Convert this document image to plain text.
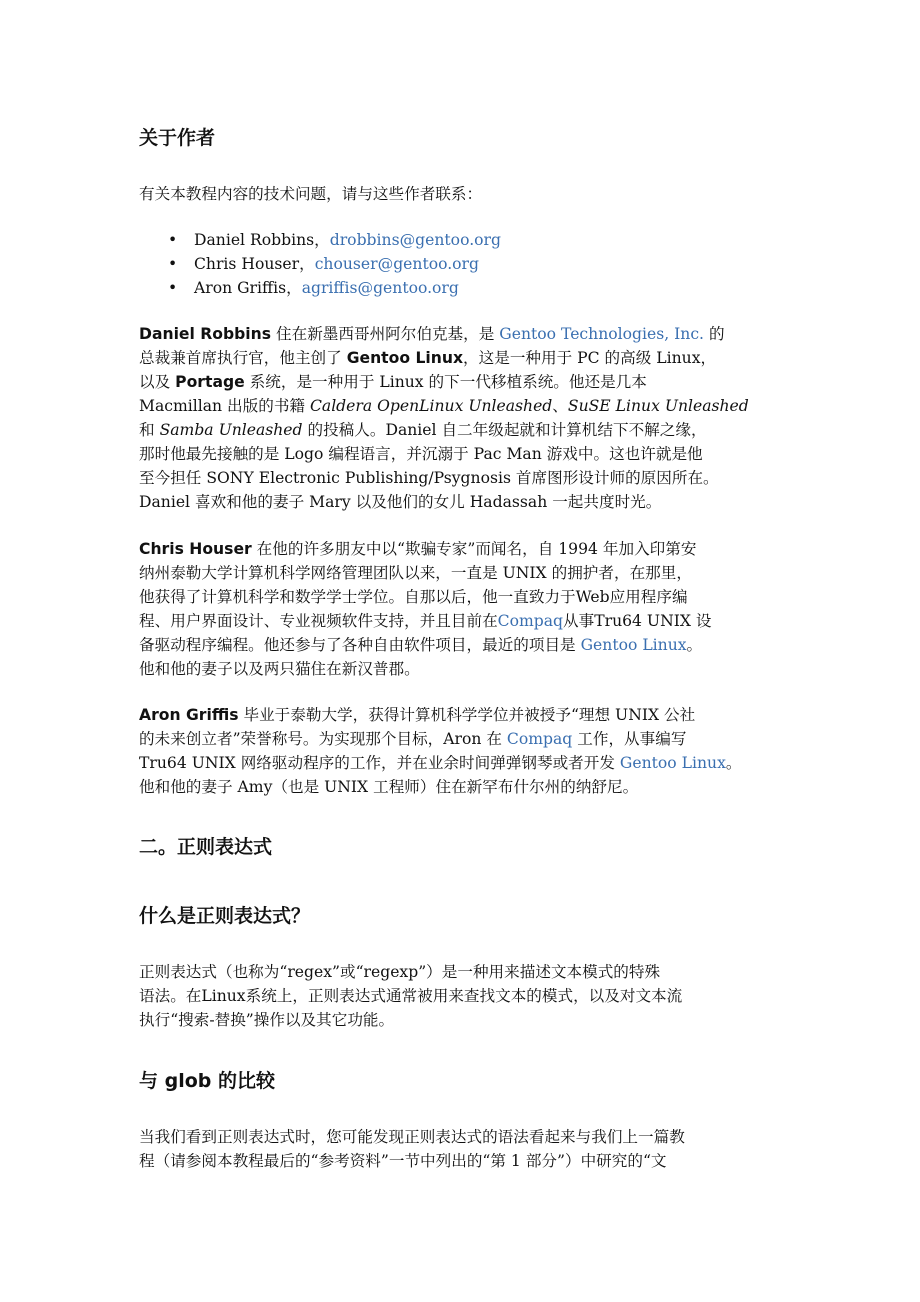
关于作者

有关本教程内容的技术问题，请与这些作者联系：

• Daniel Robbins，drobbins@gentoo.org
• Chris Houser，chouser@gentoo.org
• Aron Griffis，agriffis@gentoo.org

Daniel Robbins 住在新墨西哥州阿尔伯克基，是 Gentoo Technologies, Inc. 的
总裁兼首席执行官，他主创了 Gentoo Linux，这是一种用于 PC 的高级 Linux，
以及 Portage 系统，是一种用于 Linux 的下一代移植系统。他还是几本
Macmillan 出版的书籍 Caldera OpenLinux Unleashed、SuSE Linux Unleashed
和 Samba Unleashed 的投稿人。Daniel 自二年级起就和计算机结下不解之缘，
那时他最先接触的是 Logo 编程语言，并沉溺于 Pac Man 游戏中。这也许就是他
至今担任 SONY Electronic Publishing/Psygnosis 首席图形设计师的原因所在。
Daniel 喜欢和他的妻子 Mary 以及他们的女儿 Hadassah 一起共度时光。

Chris Houser 在他的许多朋友中以“欺骗专家”而闻名，自 1994 年加入印第安
纳州泰勒大学计算机科学网络管理团队以来，一直是 UNIX 的拥护者，在那里，
他获得了计算机科学和数学学士学位。自那以后，他一直致力于Web应用程序编
程、用户界面设计、专业视频软件支持，并且目前在Compaq从事Tru64 UNIX 设
备驱动程序编程。他还参与了各种自由软件项目，最近的项目是 Gentoo Linux。
他和他的妻子以及两只猫住在新汉普郡。

Aron Griffis 毕业于泰勒大学，获得计算机科学学位并被授予“理想 UNIX 公社
的未来创立者”荣誉称号。为实现那个目标，Aron 在 Compaq 工作，从事编写
Tru64 UNIX 网络驱动程序的工作，并在业余时间弹弹钢琴或者开发 Gentoo Linux。
他和他的妻子 Amy（也是 UNIX 工程师）住在新罕布什尔州的纳舒尼。

二。正则表达式
什么是正则表达式？

正则表达式（也称为“regex”或“regexp”）是一种用来描述文本模式的特殊
语法。在Linux系统上，正则表达式通常被用来查找文本的模式，以及对文本流
执行“搜索-替换”操作以及其它功能。

与 glob 的比较

当我们看到正则表达式时，您可能发现正则表达式的语法看起来与我们上一篇教
程（请参阅本教程最后的“参考资料”一节中列出的“第 1 部分”）中研究的“文
